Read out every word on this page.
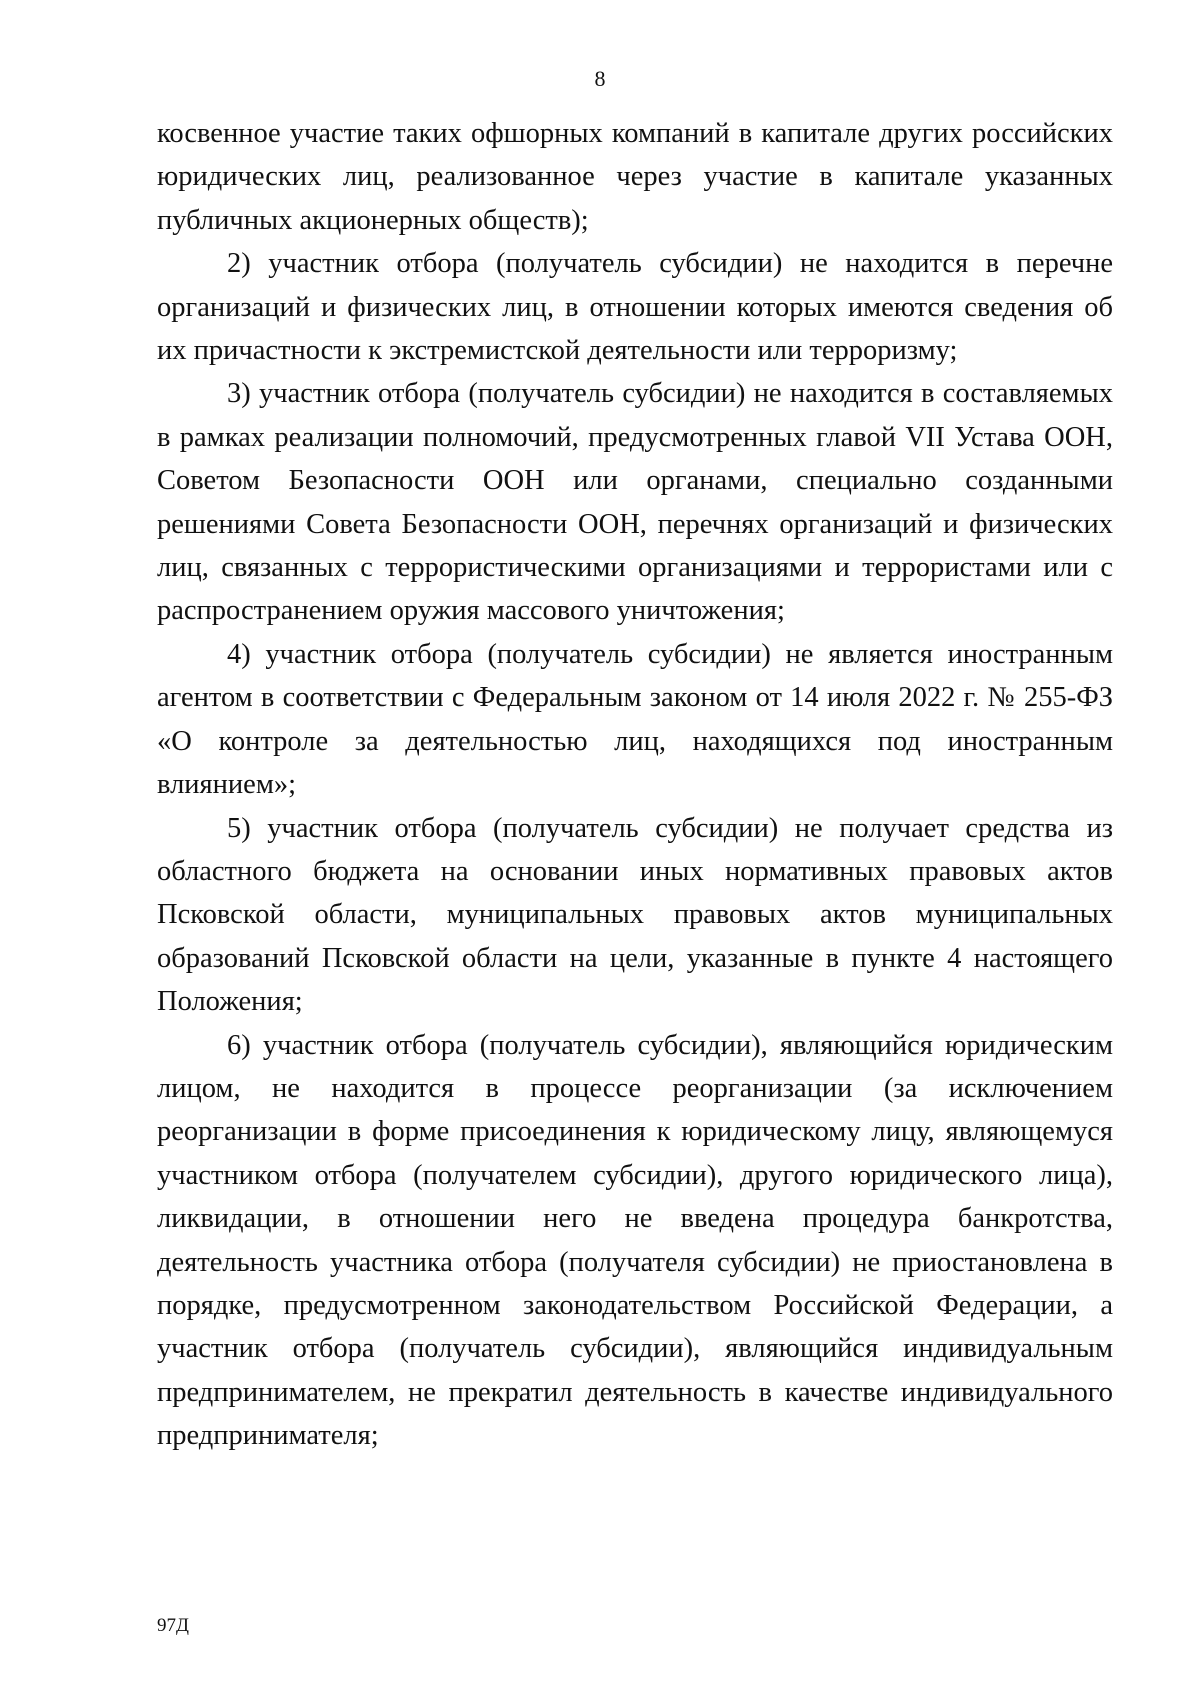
8

косвенное участие таких офшорных компаний в капитале других российских юридических лиц, реализованное через участие в капитале указанных публичных акционерных обществ);

2) участник отбора (получатель субсидии) не находится в перечне организаций и физических лиц, в отношении которых имеются сведения об их причастности к экстремистской деятельности или терроризму;

3) участник отбора (получатель субсидии) не находится в составляемых в рамках реализации полномочий, предусмотренных главой VII Устава ООН, Советом Безопасности ООН или органами, специально созданными решениями Совета Безопасности ООН, перечнях организаций и физических лиц, связанных с террористическими организациями и террористами или с распространением оружия массового уничтожения;

4) участник отбора (получатель субсидии) не является иностранным агентом в соответствии с Федеральным законом от 14 июля 2022 г. № 255-ФЗ «О контроле за деятельностью лиц, находящихся под иностранным влиянием»;

5) участник отбора (получатель субсидии) не получает средства из областного бюджета на основании иных нормативных правовых актов Псковской области, муниципальных правовых актов муниципальных образований Псковской области на цели, указанные в пункте 4 настоящего Положения;

6) участник отбора (получатель субсидии), являющийся юридическим лицом, не находится в процессе реорганизации (за исключением реорганизации в форме присоединения к юридическому лицу, являющемуся участником отбора (получателем субсидии), другого юридического лица), ликвидации, в отношении него не введена процедура банкротства, деятельность участника отбора (получателя субсидии) не приостановлена в порядке, предусмотренном законодательством Российской Федерации, а участник отбора (получатель субсидии), являющийся индивидуальным предпринимателем, не прекратил деятельность в качестве индивидуального предпринимателя;

97Д
